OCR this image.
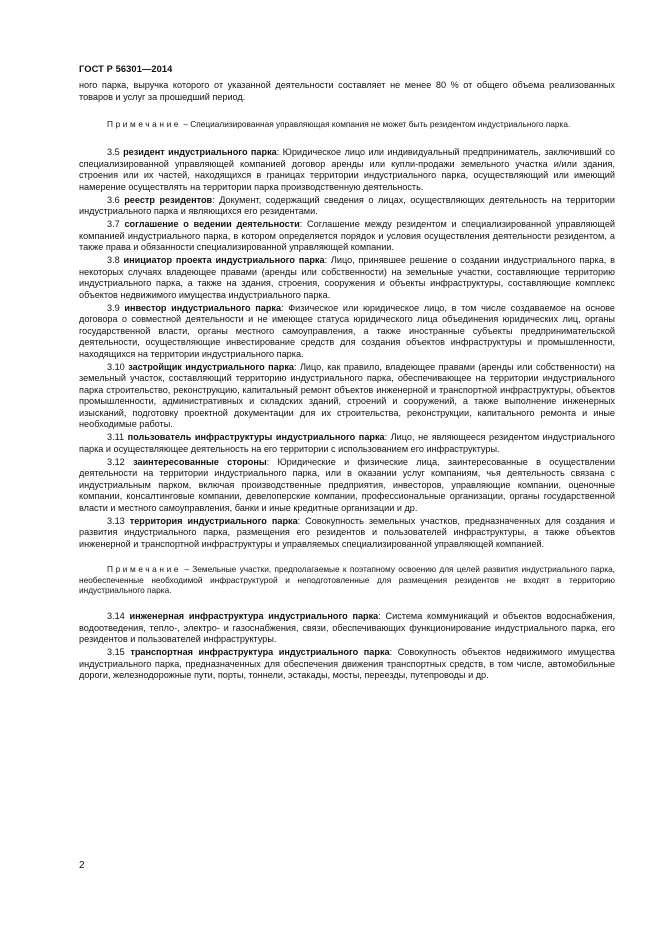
ГОСТ Р 56301—2014

ного парка, выручка которого от указанной деятельности составляет не менее 80 % от общего объема реализованных товаров и услуг за прошедший период.

Примечание – Специализированная управляющая компания не может быть резидентом индустриального парка.

3.5 резидент индустриального парка: Юридическое лицо или индивидуальный предприниматель, заключивший со специализированной управляющей компанией договор аренды или купли-продажи земельного участка и/или здания, строения или их частей, находящихся в границах территории индустриального парка, осуществляющий или имеющий намерение осуществлять на территории парка производственную деятельность.

3.6 реестр резидентов: Документ, содержащий сведения о лицах, осуществляющих деятельность на территории индустриального парка и являющихся его резидентами.

3.7 соглашение о ведении деятельности: Соглашение между резидентом и специализированной управляющей компанией индустриального парка, в котором определяется порядок и условия осуществления деятельности резидентом, а также права и обязанности специализированной управляющей компании.

3.8 инициатор проекта индустриального парка: Лицо, принявшее решение о создании индустриального парка, в некоторых случаях владеющее правами (аренды или собственности) на земельные участки, составляющие территорию индустриального парка, а также на здания, строения, сооружения и объекты инфраструктуры, составляющие комплекс объектов недвижимого имущества индустриального парка.

3.9 инвестор индустриального парка: Физическое или юридическое лицо, в том числе создаваемое на основе договора о совместной деятельности и не имеющее статуса юридического лица объединения юридических лиц, органы государственной власти, органы местного самоуправления, а также иностранные субъекты предпринимательской деятельности, осуществляющие инвестирование средств для создания объектов инфраструктуры и промышленности, находящихся на территории индустриального парка.

3.10 застройщик индустриального парка: Лицо, как правило, владеющее правами (аренды или собственности) на земельный участок, составляющий территорию индустриального парка, обеспечивающее на территории индустриального парка строительство, реконструкцию, капитальный ремонт объектов инженерной и транспортной инфраструктуры, объектов промышленности, административных и складских зданий, строений и сооружений, а также выполнение инженерных изысканий, подготовку проектной документации для их строительства, реконструкции, капитального ремонта и иные необходимые работы.

3.11 пользователь инфраструктуры индустриального парка: Лицо, не являющееся резидентом индустриального парка и осуществляющее деятельность на его территории с использованием его инфраструктуры.

3.12 заинтересованные стороны: Юридические и физические лица, заинтересованные в осуществлении деятельности на территории индустриального парка, или в оказании услуг компаниям, чья деятельность связана с индустриальным парком, включая производственные предприятия, инвесторов, управляющие компании, оценочные компании, консалтинговые компании, девелоперские компании, профессиональные организации, органы государственной власти и местного самоуправления, банки и иные кредитные организации и др.

3.13 территория индустриального парка: Совокупность земельных участков, предназначенных для создания и развития индустриального парка, размещения его резидентов и пользователей инфраструктуры, а также объектов инженерной и транспортной инфраструктуры и управляемых специализированной управляющей компанией.

Примечание – Земельные участки, предполагаемые к поэтапному освоению для целей развития индустриального парка, необеспеченные необходимой инфраструктурой и неподготовленные для размещения резидентов не входят в территорию индустриального парка.

3.14 инженерная инфраструктура индустриального парка: Система коммуникаций и объектов водоснабжения, водоотведения, тепло-, электро- и газоснабжения, связи, обеспечивающих функционирование индустриального парка, его резидентов и пользователей инфраструктуры.

3.15 транспортная инфраструктура индустриального парка: Совокупность объектов недвижимого имущества индустриального парка, предназначенных для обеспечения движения транспортных средств, в том числе, автомобильные дороги, железнодорожные пути, порты, тоннели, эстакады, мосты, переезды, путепроводы и др.

2
